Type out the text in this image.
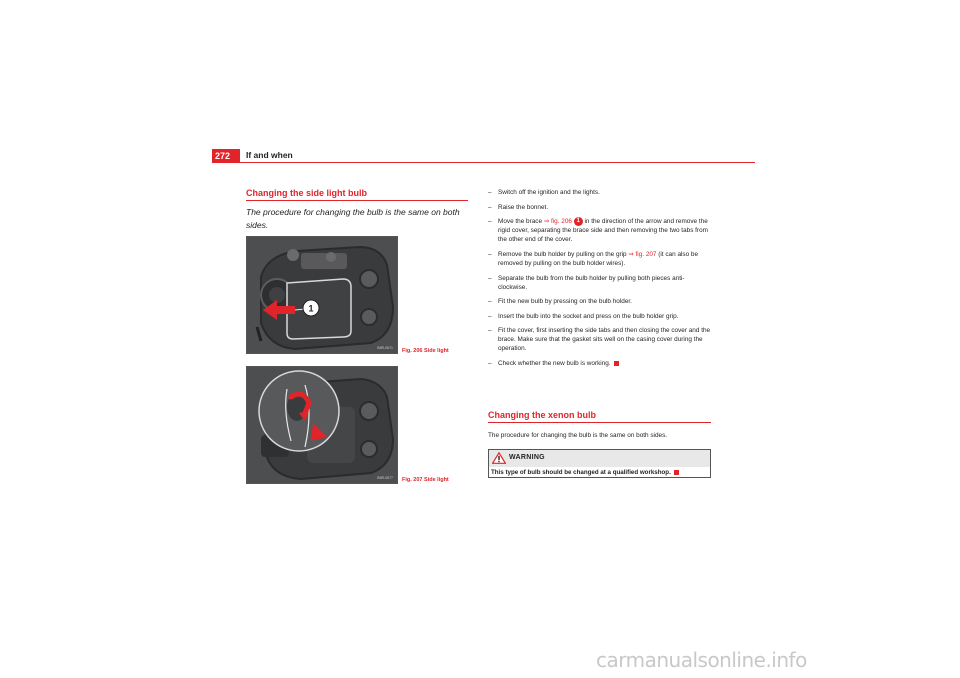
272	If and when
Changing the side light bulb
The procedure for changing the bulb is the same on both sides.
1
B5R-0671 Fig. 206 Side light
B5R-0577 Fig. 207 Side light
– Switch off the ignition and the lights.
– Raise the bonnet.
– Move the brace ⇒ fig. 206 1 in the direction of the arrow and remove the rigid cover, separating the brace side and then removing the two tabs from the other end of the cover.
– Remove the bulb holder by pulling on the grip ⇒ fig. 207 (it can also be removed by pulling on the bulb holder wires).
– Separate the bulb from the bulb holder by pulling both pieces anti-clockwise.
– Fit the new bulb by pressing on the bulb holder.
– Insert the bulb into the socket and press on the bulb holder grip.
– Fit the cover, first inserting the side tabs and then closing the cover and the brace. Make sure that the gasket sits well on the casing cover during the operation.
– Check whether the new bulb is working.
Changing the xenon bulb
The procedure for changing the bulb is the same on both sides.
WARNING
This type of bulb should be changed at a qualified workshop.
carmanualsonline.info
